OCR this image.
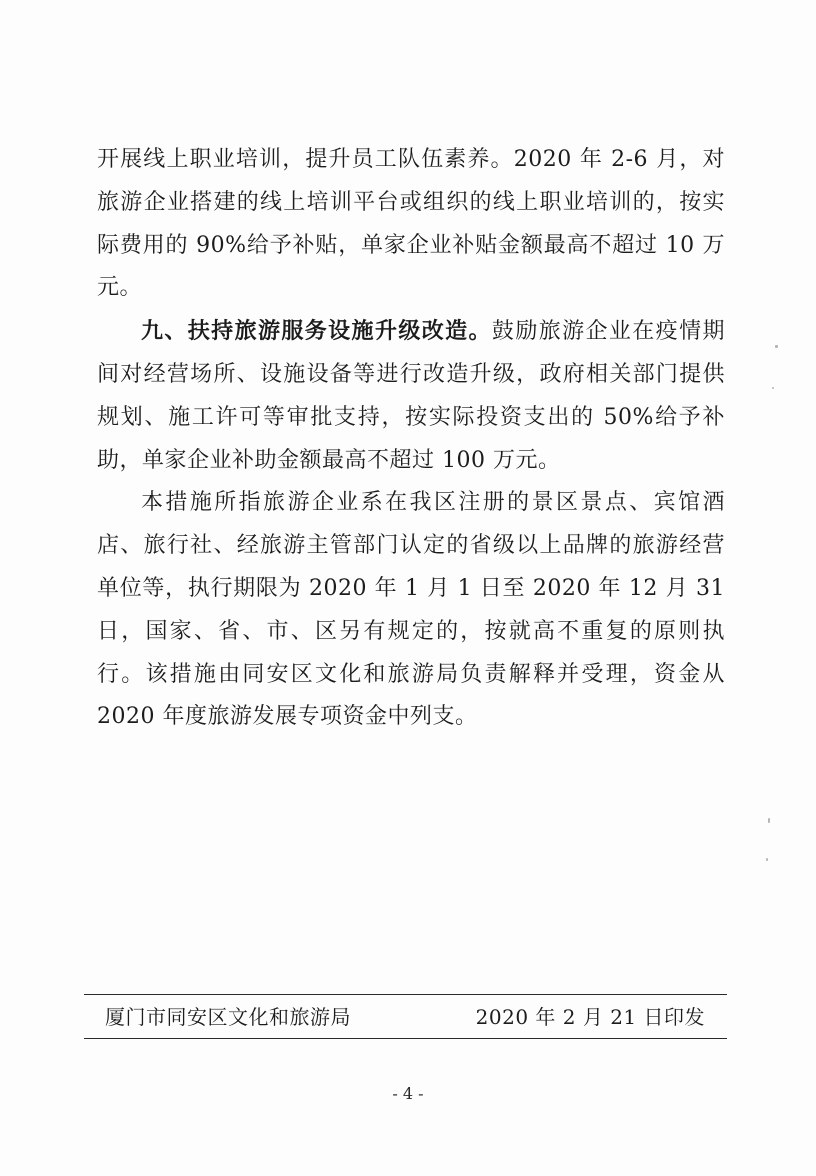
开展线上职业培训，提升员工队伍素养。2020 年 2-6 月，对旅游企业搭建的线上培训平台或组织的线上职业培训的，按实际费用的 90%给予补贴，单家企业补贴金额最高不超过 10 万元。

九、扶持旅游服务设施升级改造。鼓励旅游企业在疫情期间对经营场所、设施设备等进行改造升级，政府相关部门提供规划、施工许可等审批支持，按实际投资支出的 50%给予补助，单家企业补助金额最高不超过 100 万元。

本措施所指旅游企业系在我区注册的景区景点、宾馆酒店、旅行社、经旅游主管部门认定的省级以上品牌的旅游经营单位等，执行期限为 2020 年 1 月 1 日至 2020 年 12 月 31 日，国家、省、市、区另有规定的，按就高不重复的原则执行。该措施由同安区文化和旅游局负责解释并受理，资金从 2020 年度旅游发展专项资金中列支。

厦门市同安区文化和旅游局	2020 年 2 月 21 日印发
- 4 -
